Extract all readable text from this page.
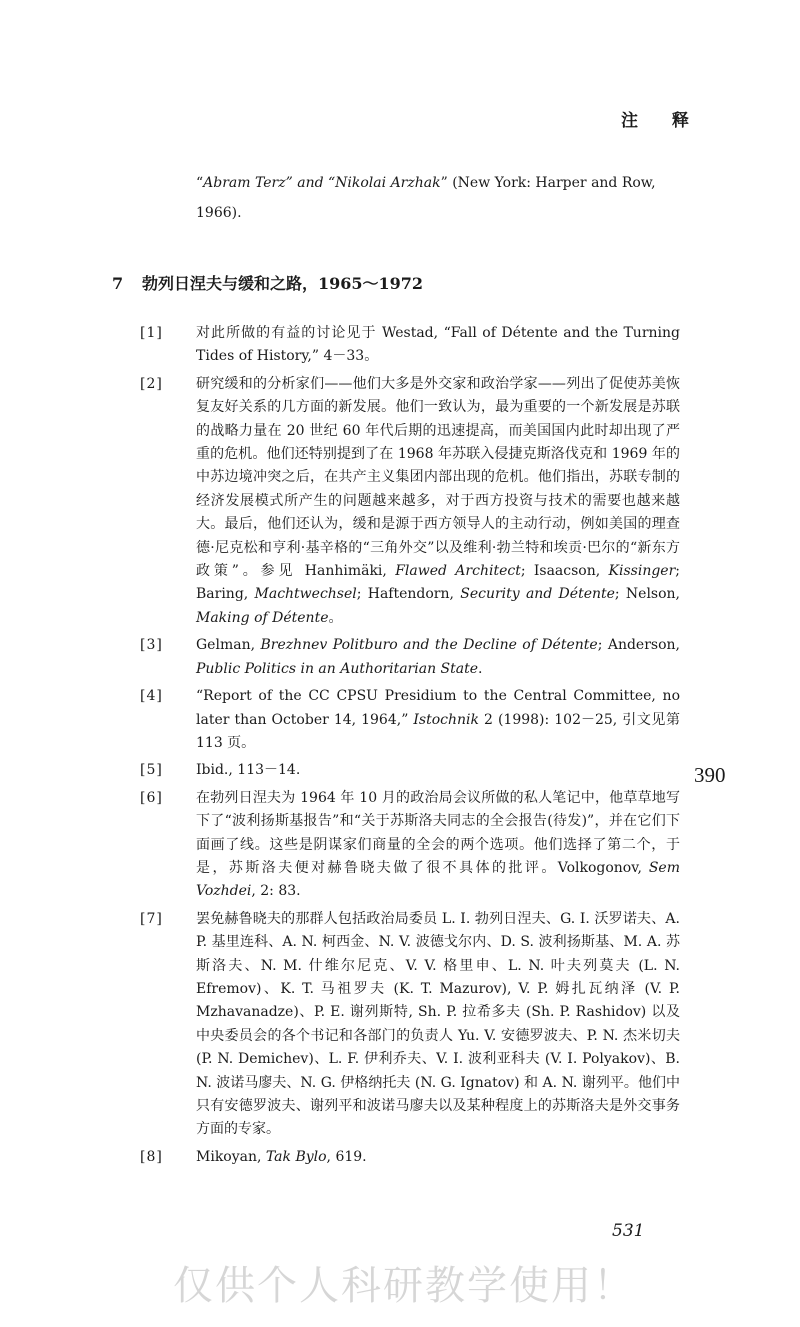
注 释
“Abram Terz” and “Nikolai Arzhak” (New York: Harper and Row, 1966).
7 勃列日涅夫与缓和之路，1965～1972
[1]	对此所做的有益的讨论见于 Westad, “Fall of Détente and the Turning Tides of History,” 4－33。
[2]	研究缓和的分析家们——他们大多是外交家和政治学家——列出了促使苏美恢复友好关系的几方面的新发展。他们一致认为，最为重要的一个新发展是苏联的战略力量在 20 世纪 60 年代后期的迅速提高，而美国国内此时却出现了严重的危机。他们还特别提到了在 1968 年苏联入侵捷克斯洛伐克和 1969 年的中苏边境冲突之后，在共产主义集团内部出现的危机。他们指出，苏联专制的经济发展模式所产生的问题越来越多，对于西方投资与技术的需要也越来越大。最后，他们还认为，缓和是源于西方领导人的主动行动，例如美国的理查德·尼克松和亨利·基辛格的“三角外交”以及维利·勃兰特和埃贡·巴尔的“新东方政策”。参见 Hanhimäki, Flawed Architect; Isaacson, Kissinger; Baring, Machtwechsel; Haftendorn, Security and Détente; Nelson, Making of Détente。
[3]	Gelman, Brezhnev Politburo and the Decline of Détente; Anderson, Public Politics in an Authoritarian State.
[4]	“Report of the CC CPSU Presidium to the Central Committee, no later than October 14, 1964,” Istochnik 2 (1998): 102－25, 引文见第 113 页。
[5]	Ibid., 113－14.
[6]	在勃列日涅夫为 1964 年 10 月的政治局会议所做的私人笔记中，他草草地写下了“波利扬斯基报告”和“关于苏斯洛夫同志的全会报告(待发)”，并在它们下面画了线。这些是阴谋家们商量的全会的两个选项。他们选择了第二个，于是，苏斯洛夫便对赫鲁晓夫做了很不具体的批评。Volkogonov, Sem Vozhdei, 2: 83.
[7]	罢免赫鲁晓夫的那群人包括政治局委员 L. I. 勃列日涅夫、G. I. 沃罗诺夫、A. P. 基里连科、A. N. 柯西金、N. V. 波德戈尔内、D. S. 波利扬斯基、M. A. 苏斯洛夫、N. M. 什维尔尼克、V. V. 格里申、L. N. 叶夫列莫夫 (L. N. Efremov)、K. T. 马祖罗夫 (K. T. Mazurov), V. P. 姆扎瓦纳泽 (V. P. Mzhavanadze)、P. E. 谢列斯特, Sh. P. 拉希多夫 (Sh. P. Rashidov) 以及中央委员会的各个书记和各部门的负责人 Yu. V. 安德罗波夫、P. N. 杰米切夫 (P. N. Demichev)、L. F. 伊利乔夫、V. I. 波利亚科夫 (V. I. Polyakov)、B. N. 波诺马廖夫、N. G. 伊格纳托夫 (N. G. Ignatov) 和 A. N. 谢列平。他们中只有安德罗波夫、谢列平和波诺马廖夫以及某种程度上的苏斯洛夫是外交事务方面的专家。
[8]	Mikoyan, Tak Bylo, 619.
390
531
仅供个人科研教学使用！
